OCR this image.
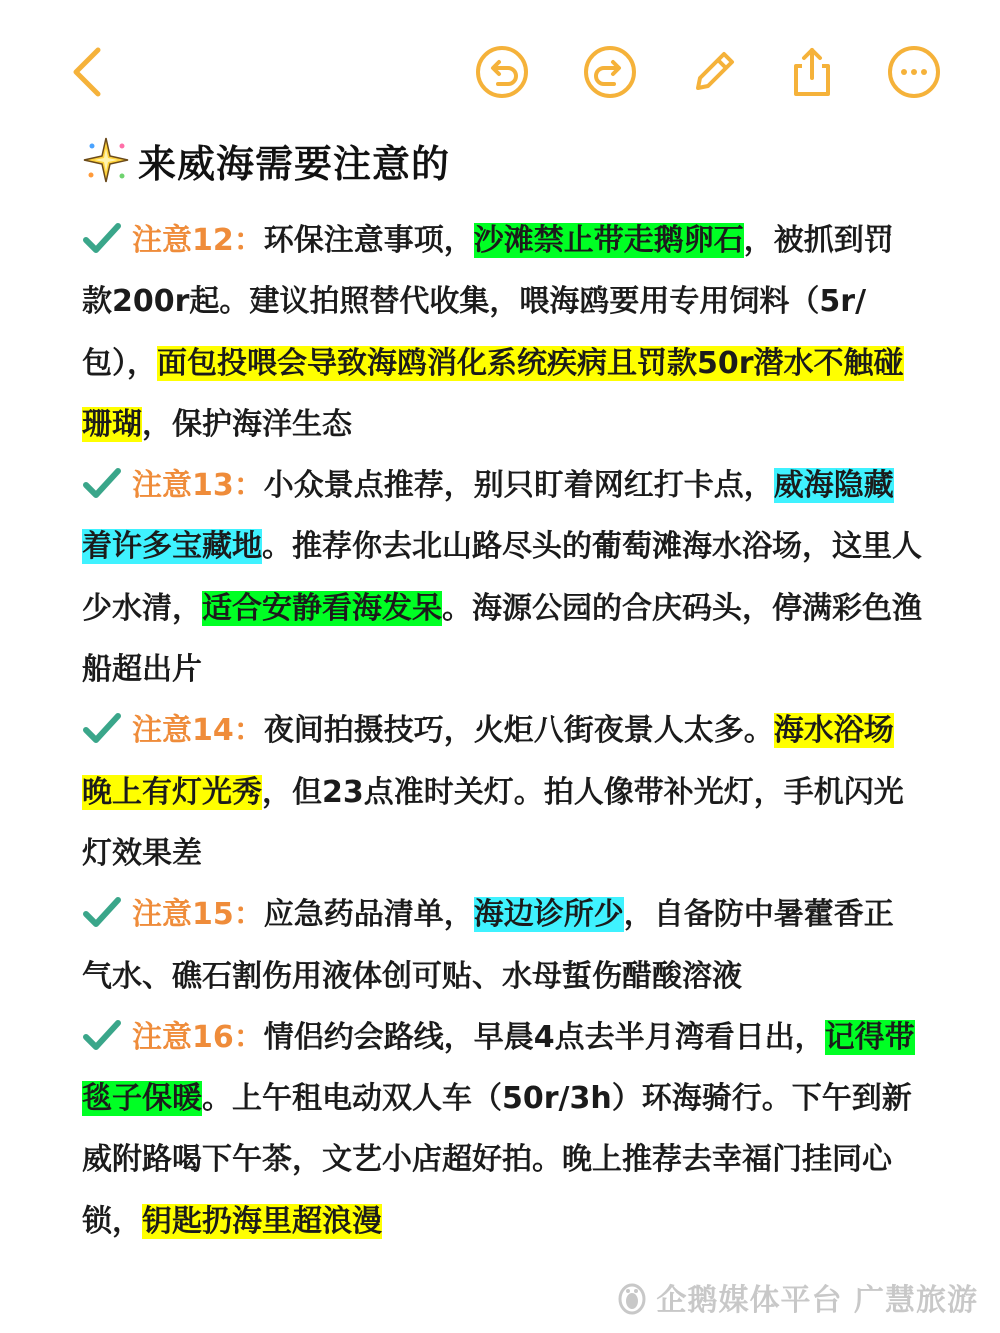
来威海需要注意的

注意12：环保注意事项，沙滩禁止带走鹅卵石，被抓到罚款200r起。建议拍照替代收集，喂海鸥要用专用饲料（5r/包），面包投喂会导致海鸥消化系统疾病且罚款50r潜水不触碰珊瑚，保护海洋生态

注意13：小众景点推荐，别只盯着网红打卡点，威海隐藏着许多宝藏地。推荐你去北山路尽头的葡萄滩海水浴场，这里人少水清，适合安静看海发呆。海源公园的合庆码头，停满彩色渔船超出片

注意14：夜间拍摄技巧，火炬八街夜景人太多。海水浴场晚上有灯光秀，但23点准时关灯。拍人像带补光灯，手机闪光灯效果差

注意15：应急药品清单，海边诊所少，自备防中暑藿香正气水、礁石割伤用液体创可贴、水母蜇伤醋酸溶液

注意16：情侣约会路线，早晨4点去半月湾看日出，记得带毯子保暖。上午租电动双人车（50r/3h）环海骑行。下午到新威附路喝下午茶，文艺小店超好拍。晚上推荐去幸福门挂同心锁，钥匙扔海里超浪漫

企鹅媒体平台 广慧旅游
